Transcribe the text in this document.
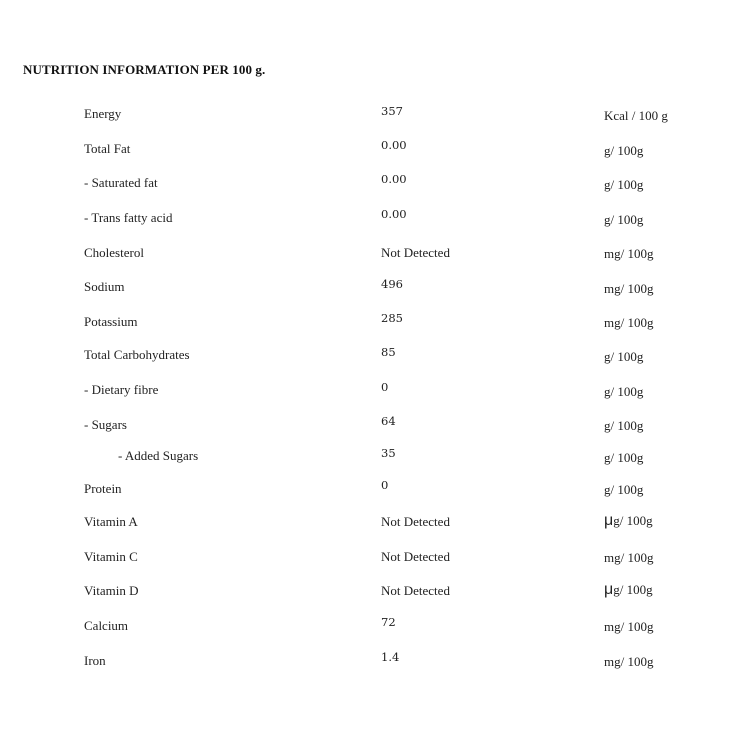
NUTRITION INFORMATION PER 100 g.
Energy	357	Kcal / 100 g
Total Fat	0.00	g/ 100g
- Saturated fat	0.00	g/ 100g
- Trans fatty acid	0.00	g/ 100g
Cholesterol	Not Detected	mg/ 100g
Sodium	496	mg/ 100g
Potassium	285	mg/ 100g
Total Carbohydrates	85	g/ 100g
- Dietary fibre	0	g/ 100g
- Sugars	64	g/ 100g
- Added Sugars	35	g/ 100g
Protein	0	g/ 100g
Vitamin A	Not Detected	μg/ 100g
Vitamin C	Not Detected	mg/ 100g
Vitamin D	Not Detected	μg/ 100g
Calcium	72	mg/ 100g
Iron	1.4	mg/ 100g
